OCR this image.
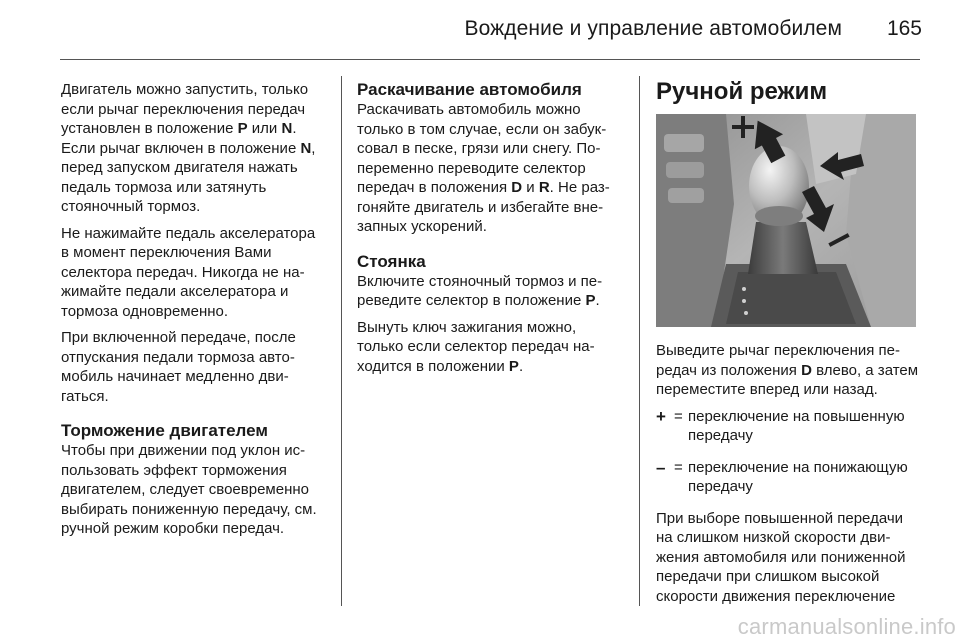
Вождение и управление автомобилем 165

Двигатель можно запустить, только если рычаг переключения передач установлен в положение P или N. Если рычаг включен в положение N, перед запуском двигателя нажать педаль тормоза или затянуть стояночный тормоз.

Не нажимайте педаль акселератора в момент переключения Вами селектора передач. Никогда не нажимайте педали акселератора и тормоза одновременно.

При включенной передаче, после отпускания педали тормоза автомобиль начинает медленно двигаться.

Торможение двигателем

Чтобы при движении под уклон использовать эффект торможения двигателем, следует своевременно выбирать пониженную передачу, см. ручной режим коробки передач.

Раскачивание автомобиля

Раскачивать автомобиль можно только в том случае, если он забуксовал в песке, грязи или снегу. Попеременно переводите селектор передач в положения D и R. Не разгоняйте двигатель и избегайте внезапных ускорений.

Стоянка

Включите стояночный тормоз и переведите селектор в положение P.

Вынуть ключ зажигания можно, только если селектор передач находится в положении P.

Ручной режим

Выведите рычаг переключения передач из положения D влево, а затем переместите вперед или назад.

+ = переключение на повышенную передачу
– = переключение на понижающую передачу

При выборе повышенной передачи на слишком низкой скорости движения автомобиля или пониженной передачи при слишком высокой скорости движения переключение

carmanualsonline.info
